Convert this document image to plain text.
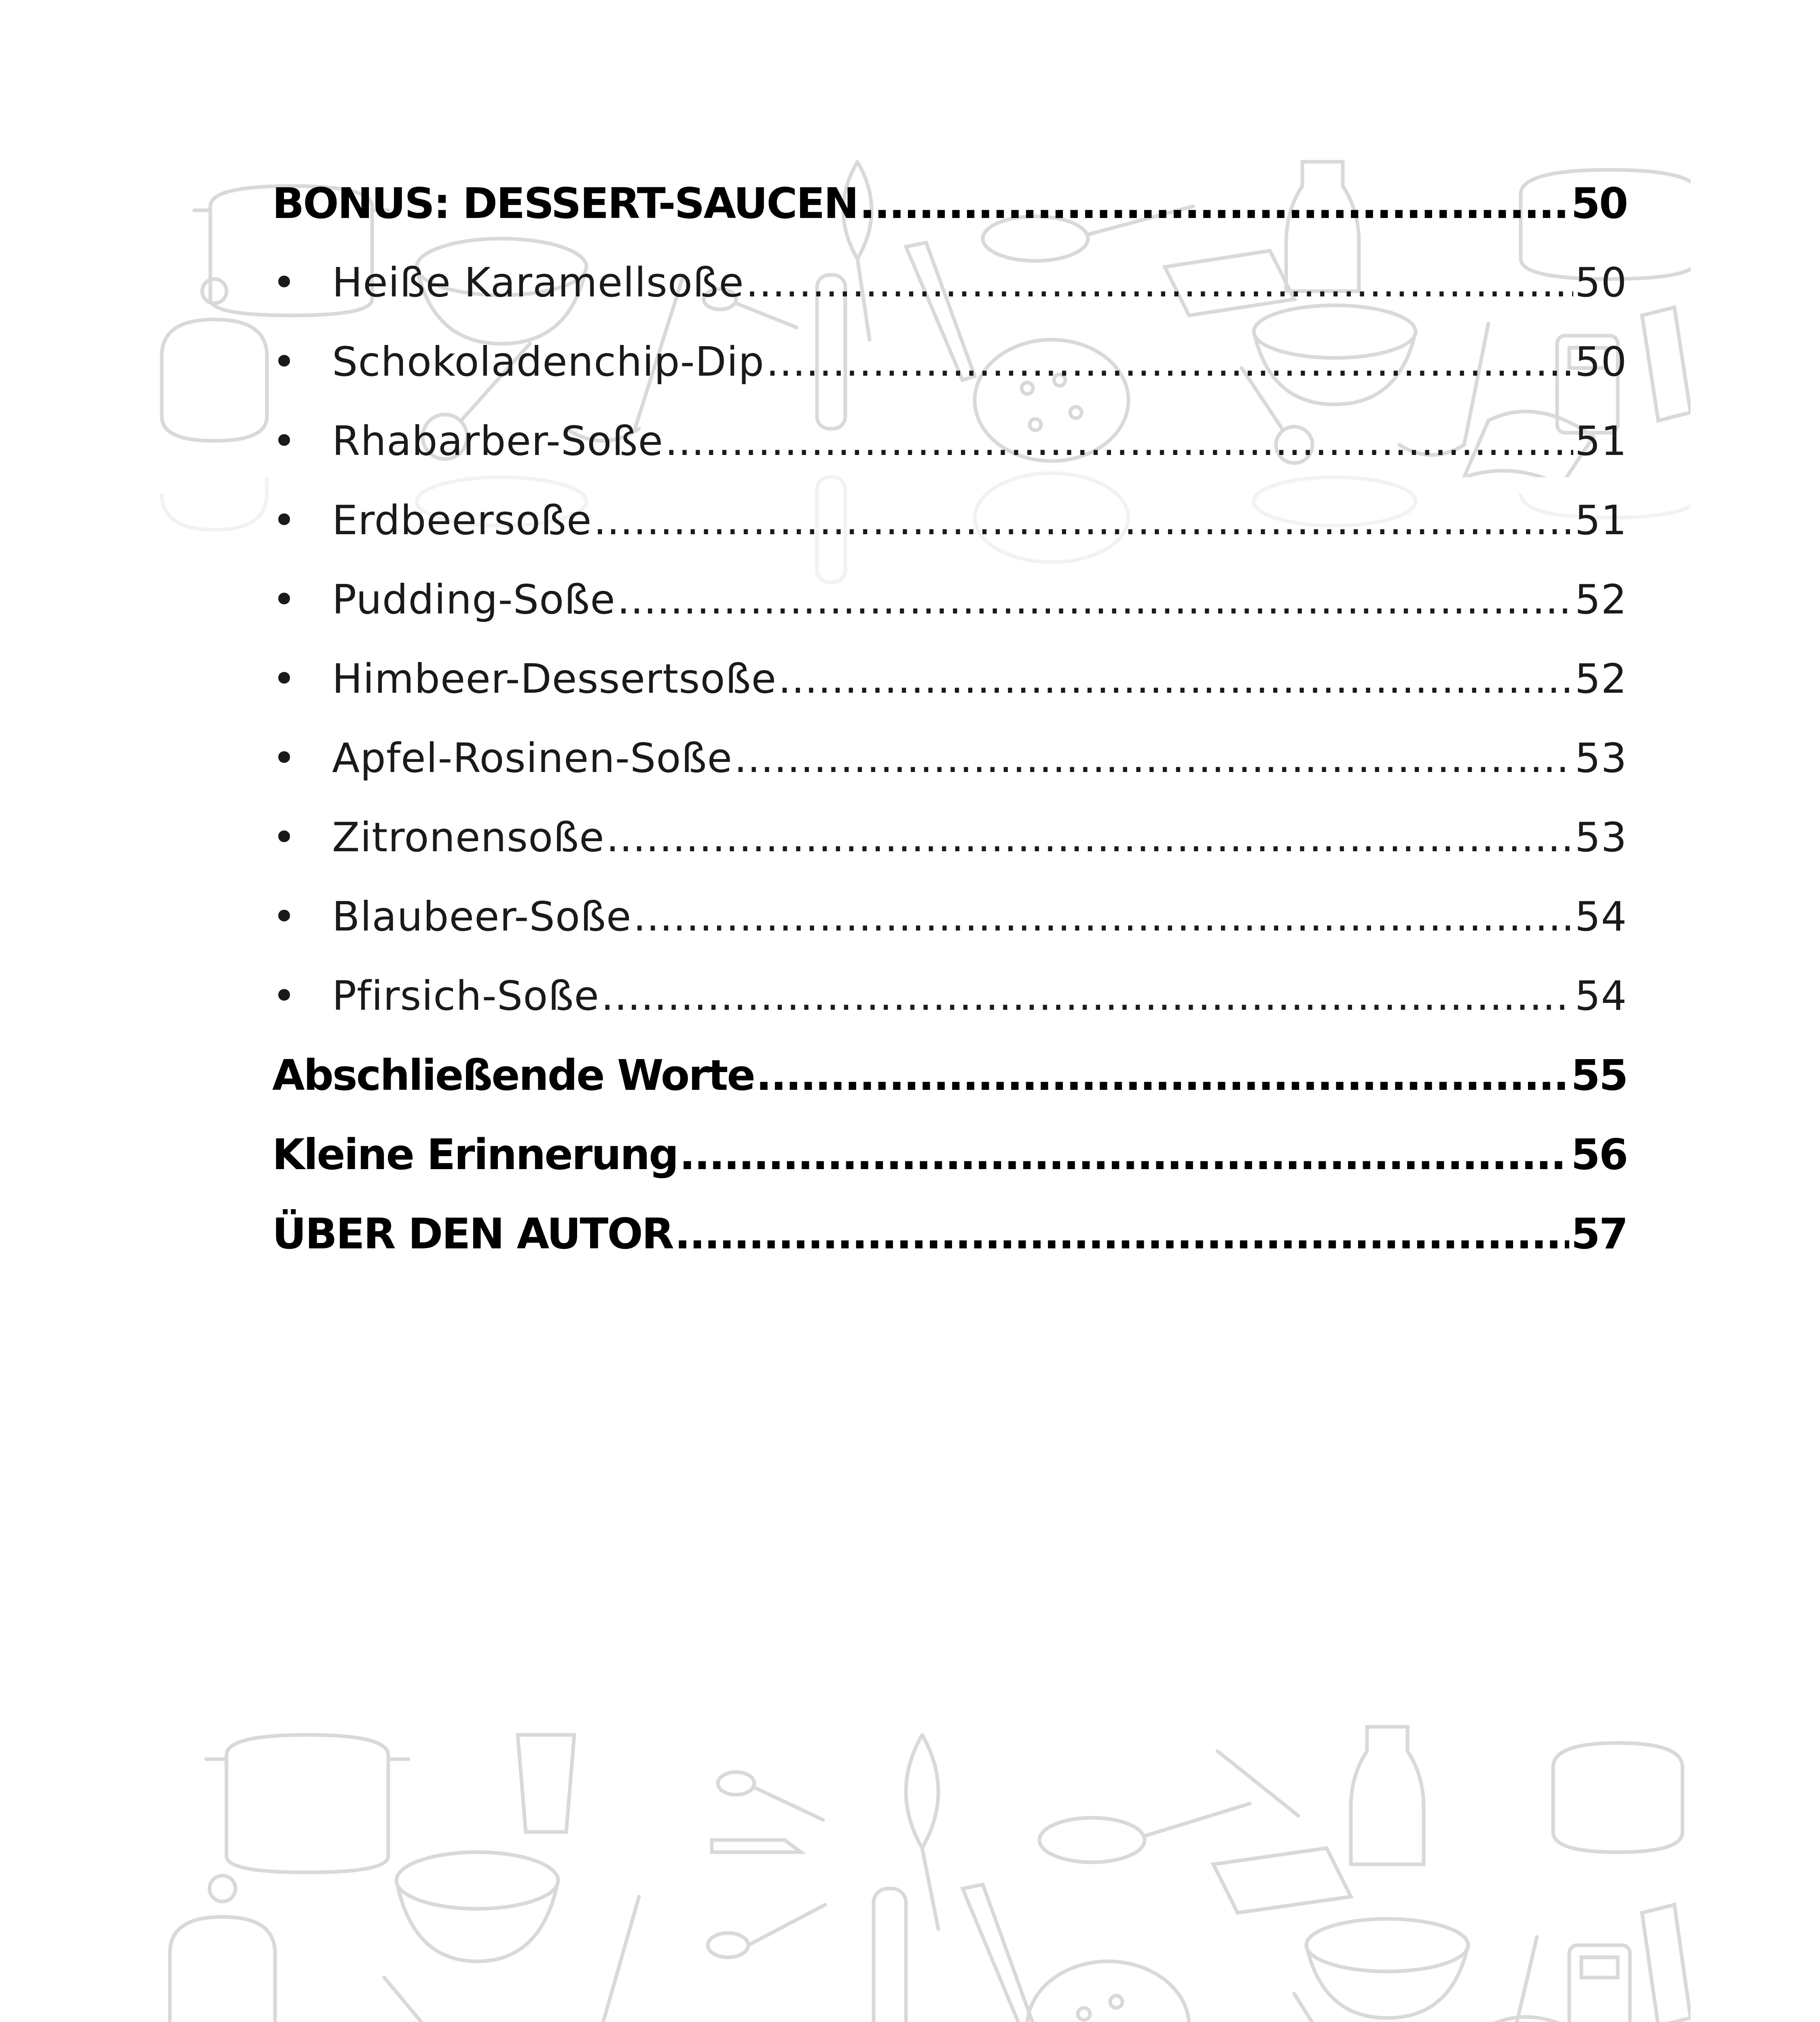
BONUS: DESSERT-SAUCEN .....	50
• Heiße Karamellsoße .....	50
• Schokoladenchip-Dip .....	50
• Rhabarber-Soße .....	51
• Erdbeersoße .....	51
• Pudding-Soße .....	52
• Himbeer-Dessertsoße .....	52
• Apfel-Rosinen-Soße .....	53
• Zitronensoße .....	53
• Blaubeer-Soße .....	54
• Pfirsich-Soße .....	54
Abschließende Worte .....	55
Kleine Erinnerung .....	56
ÜBER DEN AUTOR .....	57
